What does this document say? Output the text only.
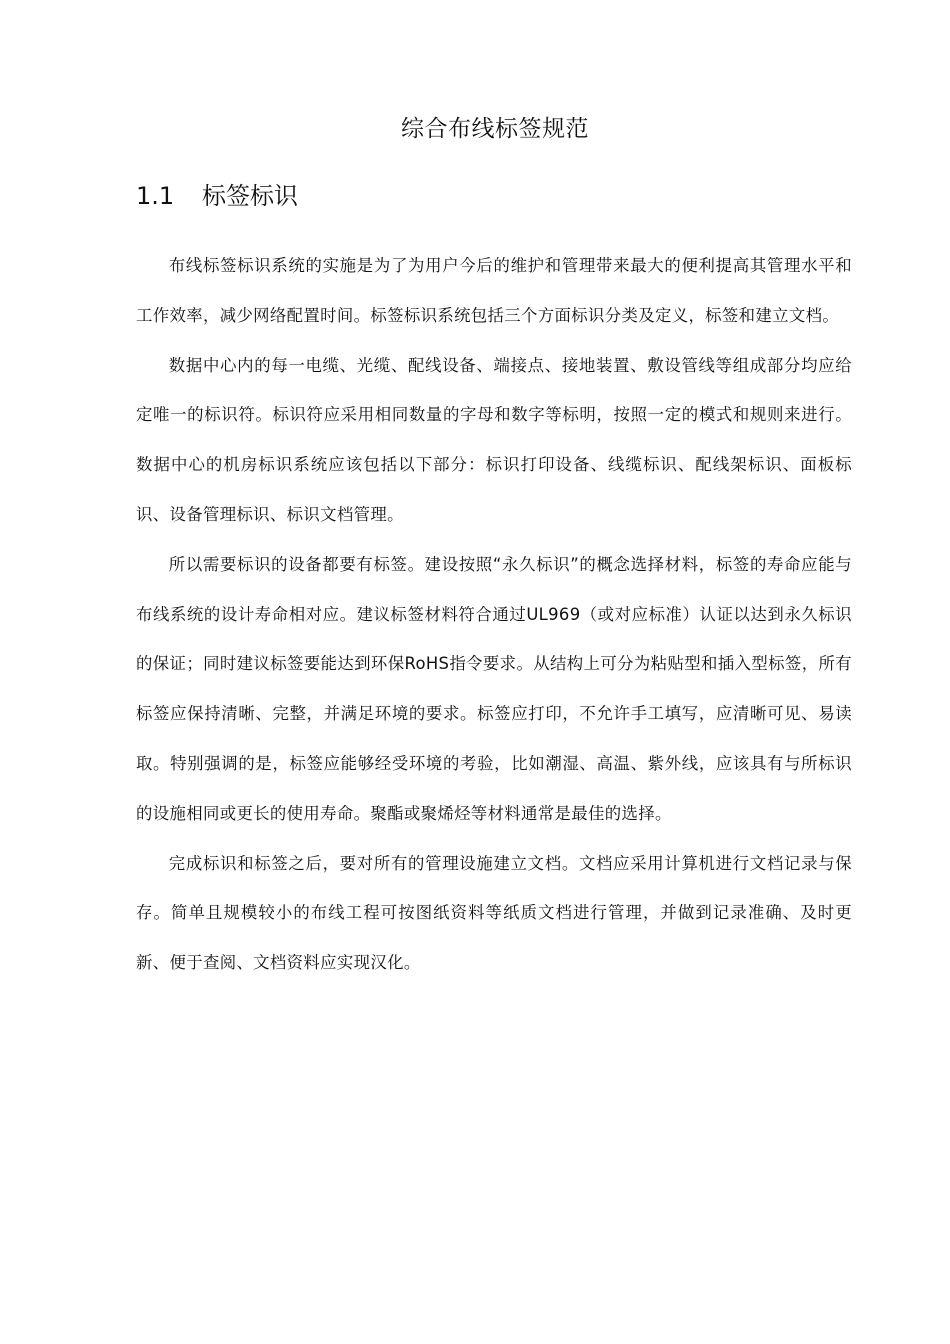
综合布线标签规范
1.1 标签标识

布线标签标识系统的实施是为了为用户今后的维护和管理带来最大的便利提高其管理水平和工作效率，减少网络配置时间。标签标识系统包括三个方面标识分类及定义，标签和建立文档。

数据中心内的每一电缆、光缆、配线设备、端接点、接地装置、敷设管线等组成部分均应给定唯一的标识符。标识符应采用相同数量的字母和数字等标明，按照一定的模式和规则来进行。数据中心的机房标识系统应该包括以下部分：标识打印设备、线缆标识、配线架标识、面板标识、设备管理标识、标识文档管理。

所以需要标识的设备都要有标签。建设按照“永久标识”的概念选择材料，标签的寿命应能与布线系统的设计寿命相对应。建议标签材料符合通过UL969（或对应标准）认证以达到永久标识的保证；同时建议标签要能达到环保RoHS指令要求。从结构上可分为粘贴型和插入型标签，所有标签应保持清晰、完整，并满足环境的要求。标签应打印，不允许手工填写，应清晰可见、易读取。特别强调的是，标签应能够经受环境的考验，比如潮湿、高温、紫外线，应该具有与所标识的设施相同或更长的使用寿命。聚酯或聚烯烃等材料通常是最佳的选择。

完成标识和标签之后，要对所有的管理设施建立文档。文档应采用计算机进行文档记录与保存。简单且规模较小的布线工程可按图纸资料等纸质文档进行管理，并做到记录准确、及时更新、便于查阅、文档资料应实现汉化。
